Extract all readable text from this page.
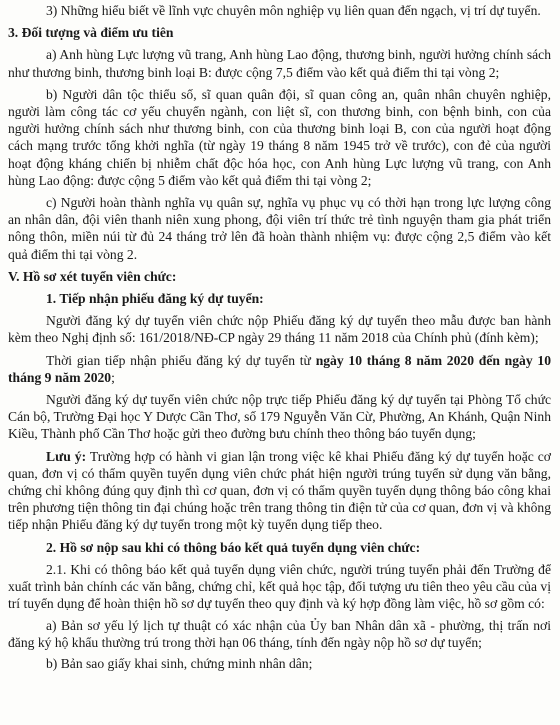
3) Những hiểu biết về lĩnh vực chuyên môn nghiệp vụ liên quan đến ngạch, vị trí dự tuyển.

3. Đối tượng và điểm ưu tiên

a) Anh hùng Lực lượng vũ trang, Anh hùng Lao động, thương binh, người hưởng chính sách như thương binh, thương binh loại B: được cộng 7,5 điểm vào kết quả điểm thi tại vòng 2;

b) Người dân tộc thiểu số, sĩ quan quân đội, sĩ quan công an, quân nhân chuyên nghiệp, người làm công tác cơ yếu chuyển ngành, con liệt sĩ, con thương binh, con bệnh binh, con của người hưởng chính sách như thương binh, con của thương binh loại B, con của người hoạt động cách mạng trước tổng khởi nghĩa (từ ngày 19 tháng 8 năm 1945 trở về trước), con đẻ của người hoạt động kháng chiến bị nhiễm chất độc hóa học, con Anh hùng Lực lượng vũ trang, con Anh hùng Lao động: được cộng 5 điểm vào kết quả điểm thi tại vòng 2;

c) Người hoàn thành nghĩa vụ quân sự, nghĩa vụ phục vụ có thời hạn trong lực lượng công an nhân dân, đội viên thanh niên xung phong, đội viên trí thức trẻ tình nguyện tham gia phát triển nông thôn, miền núi từ đủ 24 tháng trở lên đã hoàn thành nhiệm vụ: được cộng 2,5 điểm vào kết quả điểm thi tại vòng 2.

V. Hồ sơ xét tuyển viên chức:

1. Tiếp nhận phiếu đăng ký dự tuyển:

Người đăng ký dự tuyển viên chức nộp Phiếu đăng ký dự tuyển theo mẫu được ban hành kèm theo Nghị định số: 161/2018/NĐ-CP ngày 29 tháng 11 năm 2018 của Chính phủ (đính kèm);

Thời gian tiếp nhận phiếu đăng ký dự tuyển từ ngày 10 tháng 8 năm 2020 đến ngày 10 tháng 9 năm 2020;

Người đăng ký dự tuyển viên chức nộp trực tiếp Phiếu đăng ký dự tuyển tại Phòng Tổ chức Cán bộ, Trường Đại học Y Dược Cần Thơ, số 179 Nguyễn Văn Cừ, Phường, An Khánh, Quận Ninh Kiều, Thành phố Cần Thơ hoặc gửi theo đường bưu chính theo thông báo tuyển dụng;

Lưu ý: Trường hợp có hành vi gian lận trong việc kê khai Phiếu đăng ký dự tuyển hoặc cơ quan, đơn vị có thẩm quyền tuyển dụng viên chức phát hiện người trúng tuyển sử dụng văn bằng, chứng chỉ không đúng quy định thì cơ quan, đơn vị có thẩm quyền tuyển dụng thông báo công khai trên phương tiện thông tin đại chúng hoặc trên trang thông tin điện tử của cơ quan, đơn vị và không tiếp nhận Phiếu đăng ký dự tuyển trong một kỳ tuyển dụng tiếp theo.

2. Hồ sơ nộp sau khi có thông báo kết quả tuyển dụng viên chức:

2.1. Khi có thông báo kết quả tuyển dụng viên chức, người trúng tuyển phải đến Trường để xuất trình bản chính các văn bằng, chứng chỉ, kết quả học tập, đối tượng ưu tiên theo yêu cầu của vị trí tuyển dụng để hoàn thiện hồ sơ dự tuyển theo quy định và ký hợp đồng làm việc, hồ sơ gồm có:

a) Bản sơ yếu lý lịch tự thuật có xác nhận của Ủy ban Nhân dân xã - phường, thị trấn nơi đăng ký hộ khẩu thường trú trong thời hạn 06 tháng, tính đến ngày nộp hồ sơ dự tuyển;

b) Bản sao giấy khai sinh, chứng minh nhân dân;
